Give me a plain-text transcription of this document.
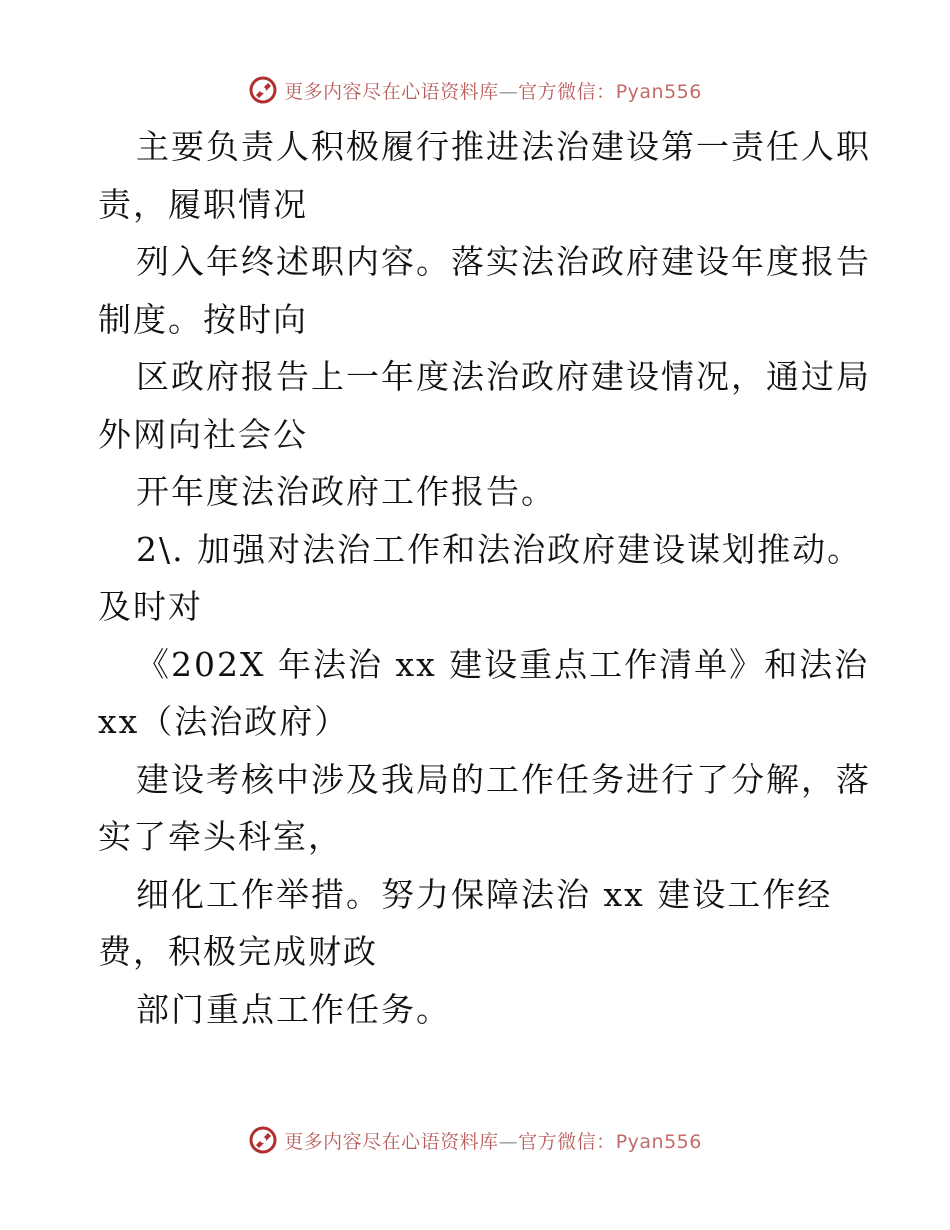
更多内容尽在心语资料库—官方微信：Pyan556
主要负责人积极履行推进法治建设第一责任人职
责，履职情况
列入年终述职内容。落实法治政府建设年度报告
制度。按时向
区政府报告上一年度法治政府建设情况，通过局
外网向社会公
开年度法治政府工作报告。
2\. 加强对法治工作和法治政府建设谋划推动。
及时对
《202X 年法治 xx 建设重点工作清单》和法治
xx（法治政府）
建设考核中涉及我局的工作任务进行了分解，落
实了牵头科室，
细化工作举措。努力保障法治 xx 建设工作经
费，积极完成财政
部门重点工作任务。
更多内容尽在心语资料库—官方微信：Pyan556
